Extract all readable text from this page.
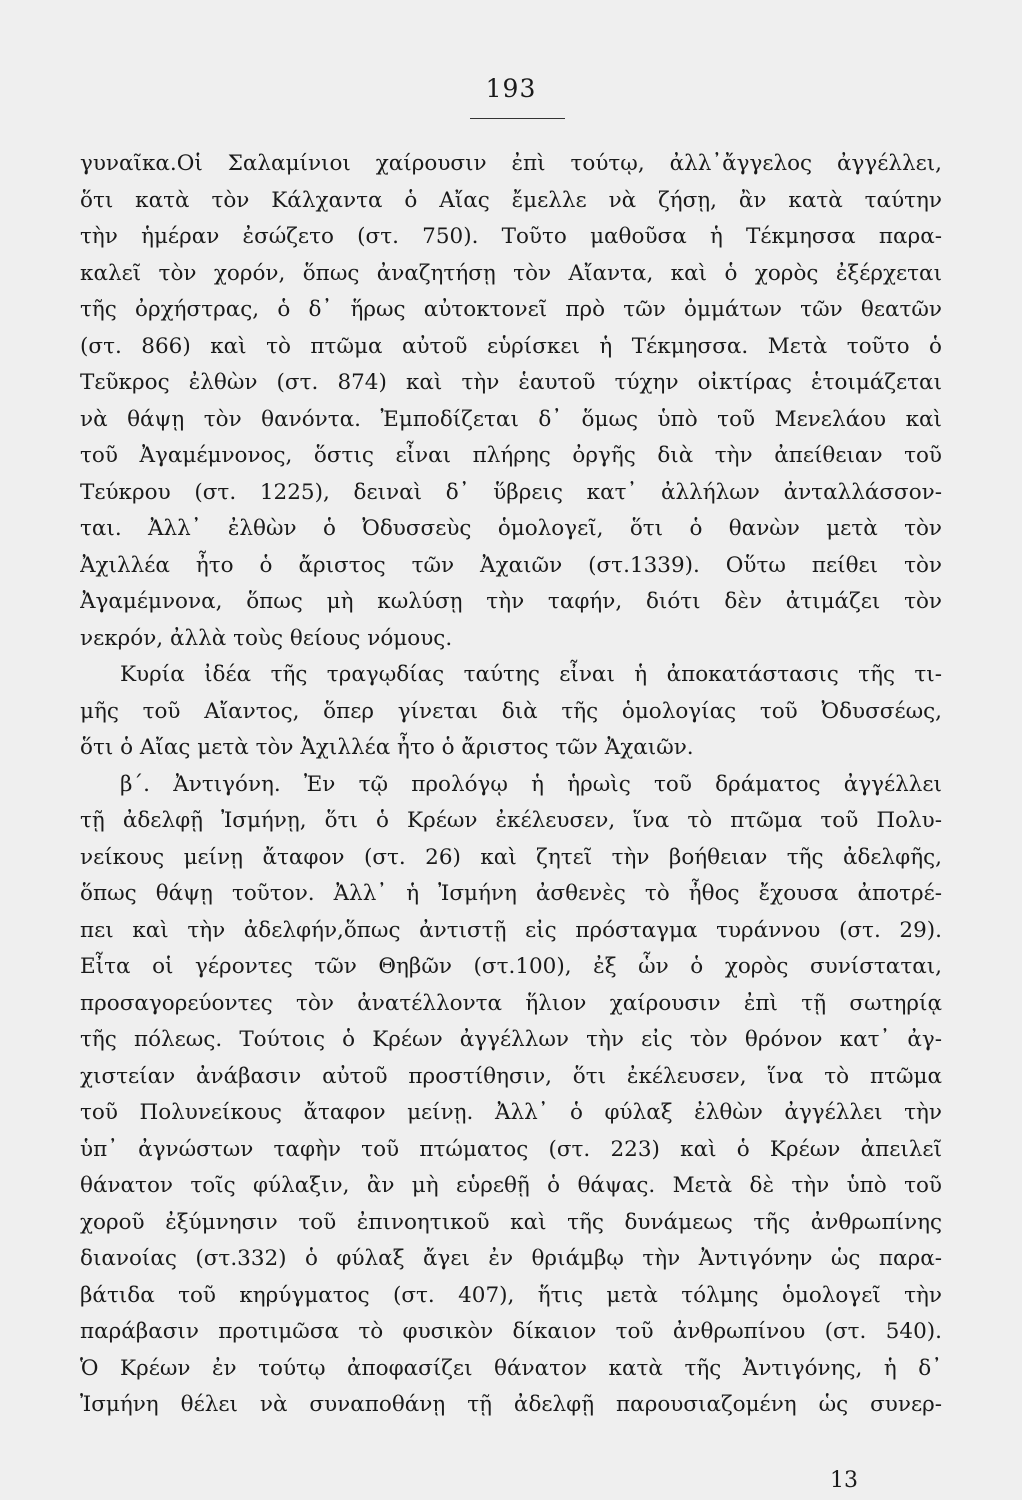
193
γυναῖκα.Οἱ Σαλαμίνιοι χαίρουσιν ἐπὶ τούτῳ, ἀλλ᾽ἄγγελος ἀγγέλλει,
ὅτι κατὰ τὸν Κάλχαντα ὁ Αἴας ἔμελλε νὰ ζήσῃ, ἂν κατὰ ταύτην
τὴν ἡμέραν ἐσώζετο (στ. 750). Τοῦτο μαθοῦσα ἡ Τέκμησσα παρα-
καλεῖ τὸν χορόν, ὅπως ἀναζητήσῃ τὸν Αἴαντα, καὶ ὁ χορὸς ἐξέρχεται
τῆς ὀρχήστρας, ὁ δ᾽ ἥρως αὐτοκτονεῖ πρὸ τῶν ὀμμάτων τῶν θεατῶν
(στ. 866) καὶ τὸ πτῶμα αὐτοῦ εὑρίσκει ἡ Τέκμησσα. Μετὰ τοῦτο ὁ
Τεῦκρος ἐλθὼν (στ. 874) καὶ τὴν ἑαυτοῦ τύχην οἰκτίρας ἑτοιμάζεται
νὰ θάψῃ τὸν θανόντα. Ἐμποδίζεται δ᾽ ὅμως ὑπὸ τοῦ Μενελάου καὶ
τοῦ Ἀγαμέμνονος, ὅστις εἶναι πλήρης ὀργῆς διὰ τὴν ἀπείθειαν τοῦ
Τεύκρου (στ. 1225), δειναὶ δ᾽ ὕβρεις κατ᾽ ἀλλήλων ἀνταλλάσσον-
ται. Ἀλλ᾽ ἐλθὼν ὁ Ὀδυσσεὺς ὁμολογεῖ, ὅτι ὁ θανὼν μετὰ τὸν
Ἀχιλλέα ἦτο ὁ ἄριστος τῶν Ἀχαιῶν (στ.1339). Οὕτω πείθει τὸν
Ἀγαμέμνονα, ὅπως μὴ κωλύσῃ τὴν ταφήν, διότι δὲν ἀτιμάζει τὸν
νεκρόν, ἀλλὰ τοὺς θείους νόμους.
Κυρία ἰδέα τῆς τραγῳδίας ταύτης εἶναι ἡ ἀποκατάστασις τῆς τι-
μῆς τοῦ Αἴαντος, ὅπερ γίνεται διὰ τῆς ὁμολογίας τοῦ Ὀδυσσέως,
ὅτι ὁ Αἴας μετὰ τὸν Ἀχιλλέα ἦτο ὁ ἄριστος τῶν Ἀχαιῶν.
β´. Ἀντιγόνη. Ἐν τῷ προλόγῳ ἡ ἡρωὶς τοῦ δράματος ἀγγέλλει
τῇ ἀδελφῇ Ἰσμήνῃ, ὅτι ὁ Κρέων ἐκέλευσεν, ἵνα τὸ πτῶμα τοῦ Πολυ-
νείκους μείνῃ ἄταφον (στ. 26) καὶ ζητεῖ τὴν βοήθειαν τῆς ἀδελφῆς,
ὅπως θάψῃ τοῦτον. Ἀλλ᾽ ἡ Ἰσμήνη ἀσθενὲς τὸ ἦθος ἔχουσα ἀποτρέ-
πει καὶ τὴν ἀδελφήν,ὅπως ἀντιστῇ εἰς πρόσταγμα τυράννου (στ. 29).
Εἶτα οἱ γέροντες τῶν Θηβῶν (στ.100), ἐξ ὧν ὁ χορὸς συνίσταται,
προσαγορεύοντες τὸν ἀνατέλλοντα ἥλιον χαίρουσιν ἐπὶ τῇ σωτηρίᾳ
τῆς πόλεως. Τούτοις ὁ Κρέων ἀγγέλλων τὴν εἰς τὸν θρόνον κατ᾽ ἀγ-
χιστείαν ἀνάβασιν αὐτοῦ προστίθησιν, ὅτι ἐκέλευσεν, ἵνα τὸ πτῶμα
τοῦ Πολυνείκους ἄταφον μείνῃ. Ἀλλ᾽ ὁ φύλαξ ἐλθὼν ἀγγέλλει τὴν
ὑπ᾽ ἀγνώστων ταφὴν τοῦ πτώματος (στ. 223) καὶ ὁ Κρέων ἀπειλεῖ
θάνατον τοῖς φύλαξιν, ἂν μὴ εὑρεθῇ ὁ θάψας. Μετὰ δὲ τὴν ὑπὸ τοῦ
χοροῦ ἐξύμνησιν τοῦ ἐπινοητικοῦ καὶ τῆς δυνάμεως τῆς ἀνθρωπίνης
διανοίας (στ.332) ὁ φύλαξ ἄγει ἐν θριάμβῳ τὴν Ἀντιγόνην ὡς παρα-
βάτιδα τοῦ κηρύγματος (στ. 407), ἥτις μετὰ τόλμης ὁμολογεῖ τὴν
παράβασιν προτιμῶσα τὸ φυσικὸν δίκαιον τοῦ ἀνθρωπίνου (στ. 540).
Ὁ Κρέων ἐν τούτῳ ἀποφασίζει θάνατον κατὰ τῆς Ἀντιγόνης, ἡ δ᾽
Ἰσμήνη θέλει νὰ συναποθάνῃ τῇ ἀδελφῇ παρουσιαζομένη ὡς συνερ-
13
